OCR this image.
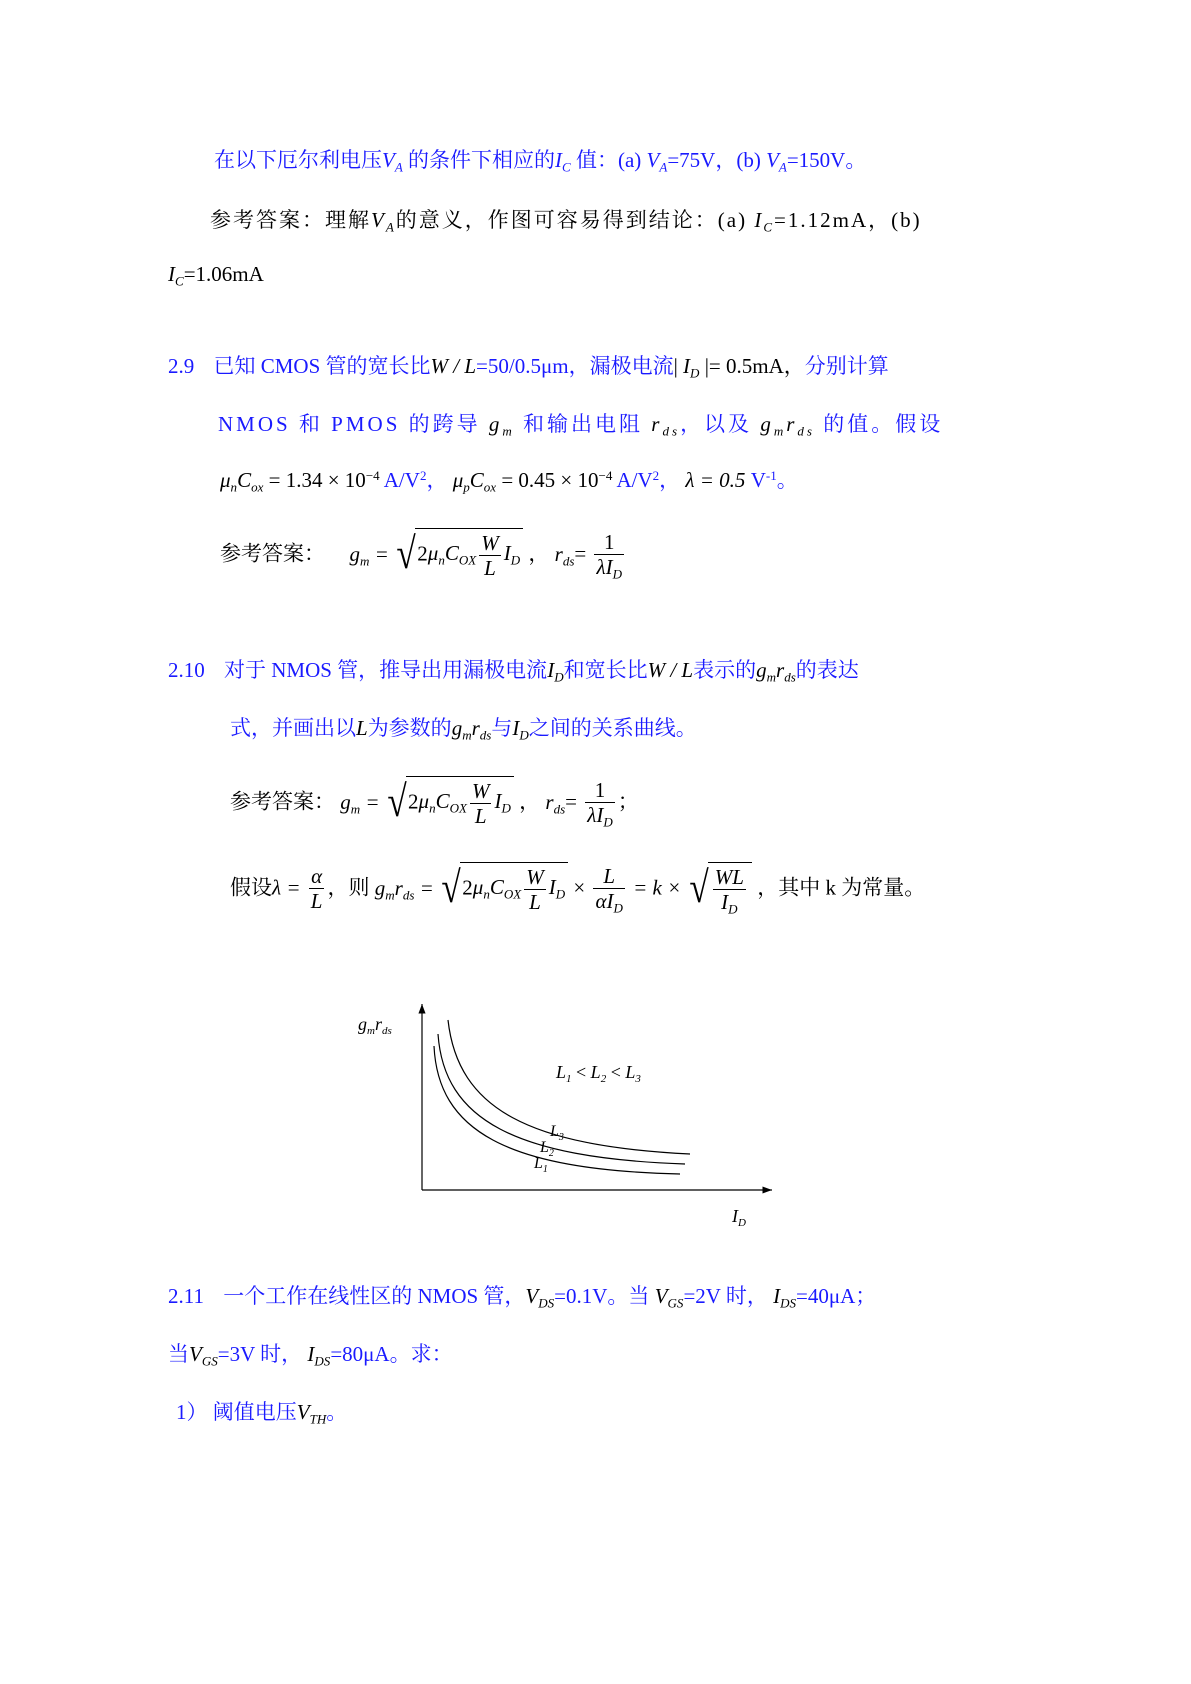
在以下厄尔利电压$V_A$ 的条件下相应的$I_C$ 值：(a) $V_A=75V$，(b) $V_A=150V$。
参考答案：理解$V_A$的意义，作图可容易得到结论：(a) $I_C=1.12mA$，(b)
$I_C=1.06mA$
2.9 已知 CMOS 管的宽长比W / L=50/0.5μm，漏极电流| $I_D$ |= 0.5mA，分别计算
NMOS 和 PMOS 的跨导 $g_m$ 和输出电阻 $r_{ds}$，以及 $g_mr_{ds}$ 的值。假设
$\mu_nC_{ox} = 1.34 \times 10^{-4}$ $A/V^2$， $\mu_pC_{ox} = 0.45 \times 10^{-4}$ $A/V^2$， λ = 0.5 $V^{-1}$。
参考答案： $g_m = √2\mu_nC_{OX} \frac{W}{L} I_D$ ， $r_{ds}= \frac{1}{\lambda I_D}$
2.10 对于 NMOS 管，推导出用漏极电流$I_D$和宽长比W / L表示的$g_mr_{ds}$的表达
式，并画出以L为参数的$g_mr_{ds}$与$I_D$之间的关系曲线。
参考答案： $g_m = √2\mu_nC_{OX} \frac{W}{L} I_D$ ， $r_{ds}= \frac{1}{\lambda I_D}$ ；
假设$\lambda = \frac{\alpha}{L}$ ，则 $g_mr_{ds} = √2\mu_nC_{OX} \frac{W}{L} I_D \times \frac{L}{\alpha I_D} = k$ × √ $\frac{WL}{I_D}$ ，其中 k 为常量。
$g_mr_{ds}$
$I_D$
$L_3$
$L_2$
$L_1$
$L_1 < L_2 < L_3$
2.11 一个工作在线性区的 NMOS 管，$V_{DS}=0.1V$。当 $V_{GS}=2V$ 时， $I_{DS}=40\mu A$；
当$V_{GS}=3V$ 时， $I_{DS}=80\mu A$。求：
1） 阈值电压$V_{TH}$。
